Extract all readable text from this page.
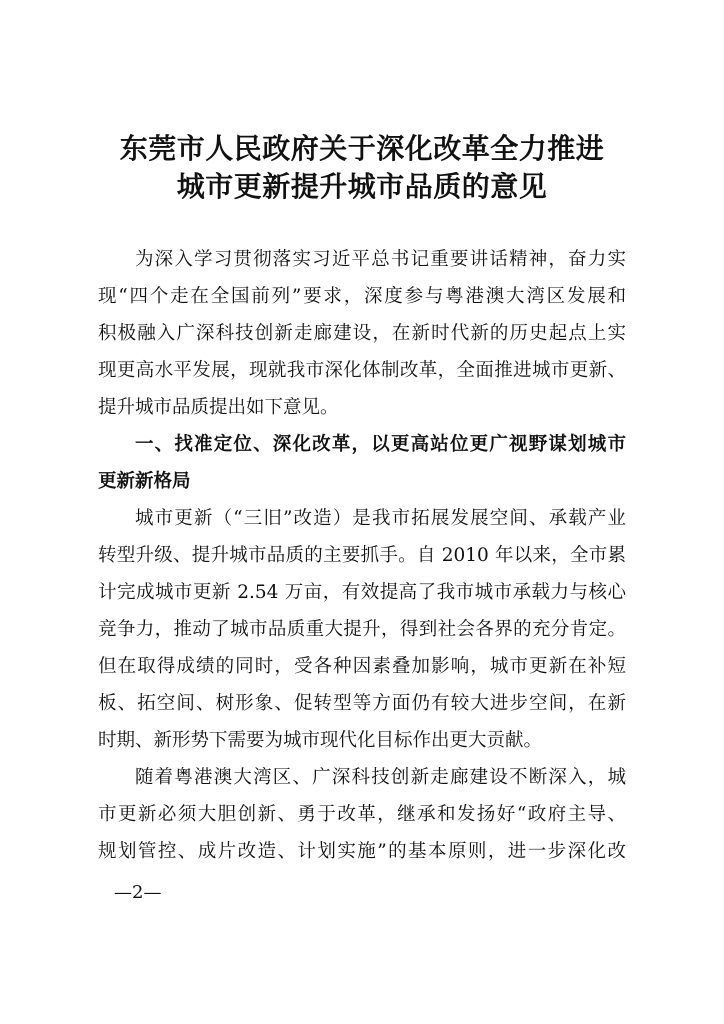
东莞市人民政府关于深化改革全力推进
城市更新提升城市品质的意见
为深入学习贯彻落实习近平总书记重要讲话精神，奋力实
现“四个走在全国前列”要求，深度参与粤港澳大湾区发展和
积极融入广深科技创新走廊建设，在新时代新的历史起点上实
现更高水平发展，现就我市深化体制改革，全面推进城市更新、
提升城市品质提出如下意见。
一、找准定位、深化改革，以更高站位更广视野谋划城市
更新新格局
城市更新（“三旧”改造）是我市拓展发展空间、承载产业
转型升级、提升城市品质的主要抓手。自 2010 年以来，全市累
计完成城市更新 2.54 万亩，有效提高了我市城市承载力与核心
竞争力，推动了城市品质重大提升，得到社会各界的充分肯定。
但在取得成绩的同时，受各种因素叠加影响，城市更新在补短
板、拓空间、树形象、促转型等方面仍有较大进步空间，在新
时期、新形势下需要为城市现代化目标作出更大贡献。
随着粤港澳大湾区、广深科技创新走廊建设不断深入，城
市更新必须大胆创新、勇于改革，继承和发扬好“政府主导、
规划管控、成片改造、计划实施”的基本原则，进一步深化改
—2—
